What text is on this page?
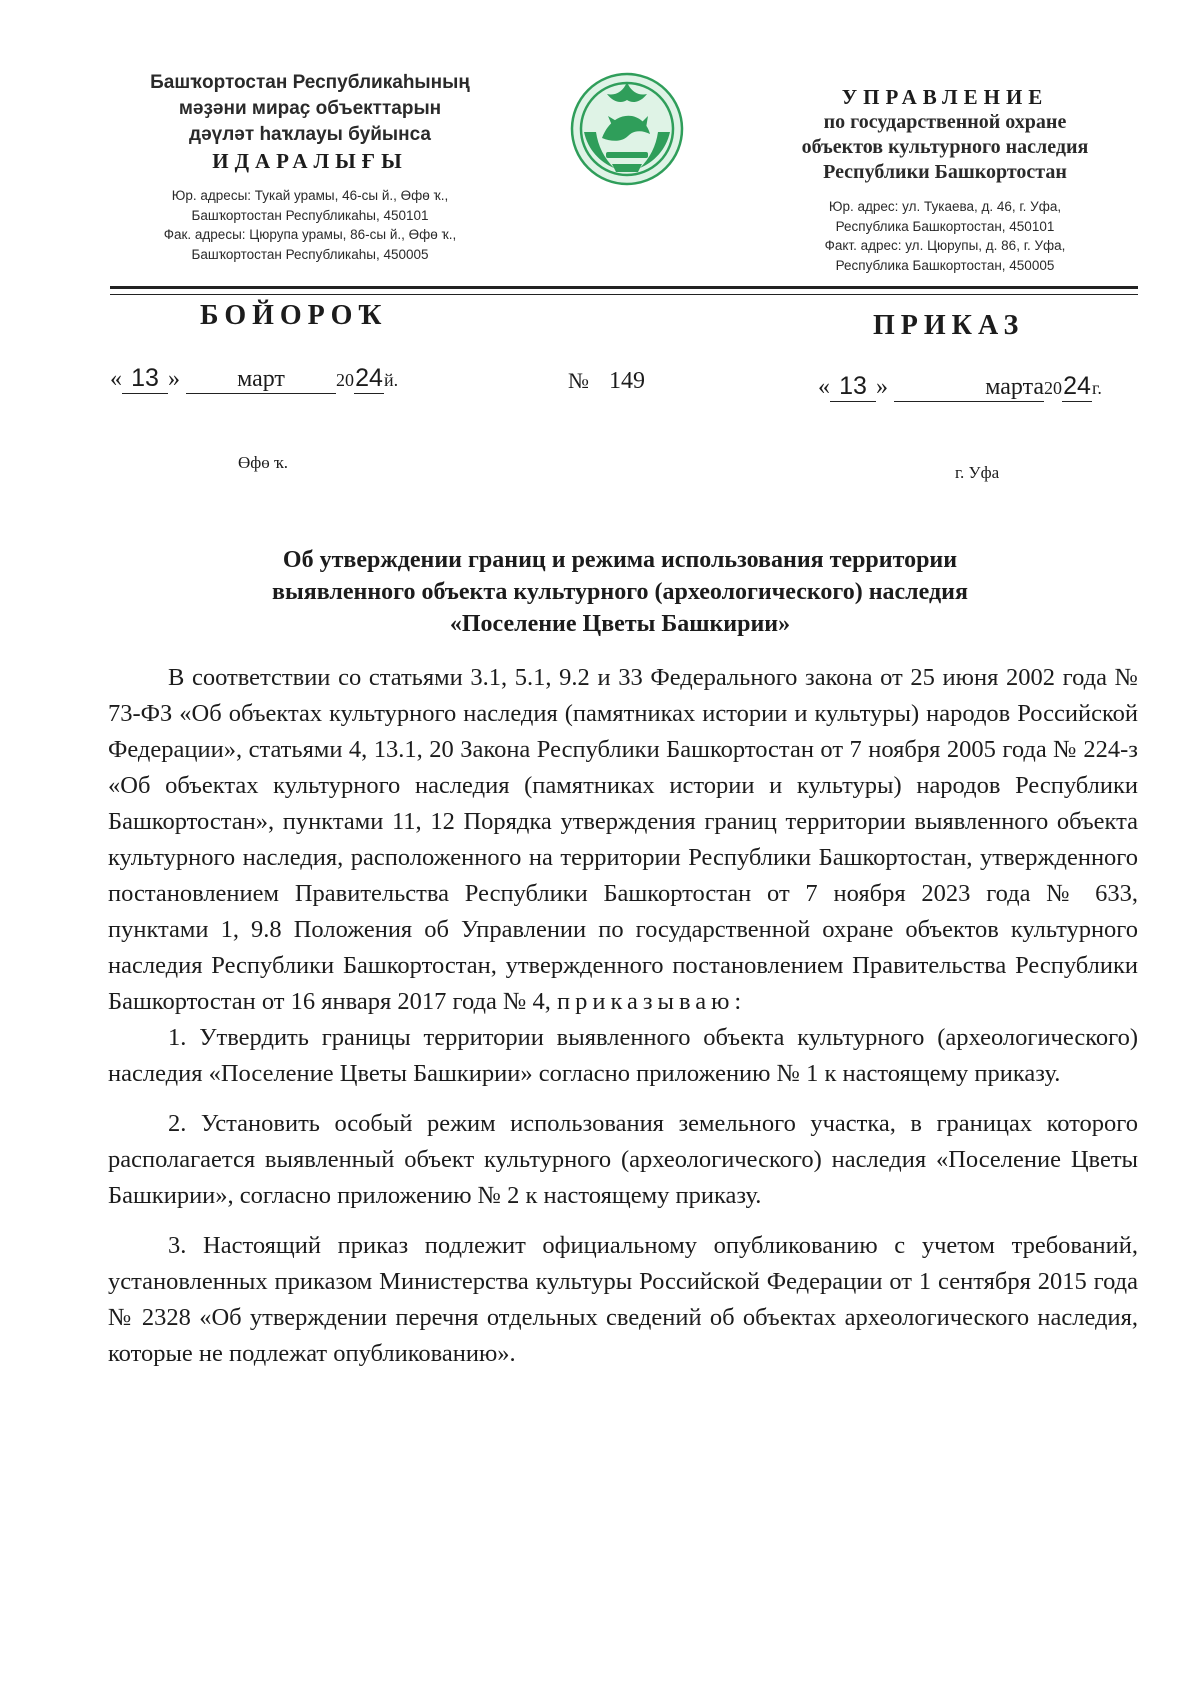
Башҡортостан Республикаһының
мәҙәни мираҫ объекттарын
дәүләт һаҡлауы буйынса
ИДАРАЛЫҒЫ
Юр. адресы: Тукай урамы, 46-сы й., Өфө ҡ.,
Башҡортостан Республикаһы, 450101
Фак. адресы: Цюрупа урамы, 86-сы й., Өфө ҡ.,
Башҡортостан Республикаһы, 450005
УПРАВЛЕНИЕ
по государственной охране
объектов культурного наследия
Республики Башкортостан
Юр. адрес: ул. Тукаева, д. 46, г. Уфа,
Республика Башкортостан, 450101
Факт. адрес: ул. Цюрупы, д. 86, г. Уфа,
Республика Башкортостан, 450005
БОЙОРОҠ	ПРИКАЗ
« 13 » март	2024й.	№ 149	« 13 »	марта2024г.
Өфө ҡ.
г. Уфа
Об утверждении границ и режима использования территории
выявленного объекта культурного (археологического) наследия
«Поселение Цветы Башкирии»

В соответствии со статьями 3.1, 5.1, 9.2 и 33 Федерального закона от 25 июня 2002 года № 73-ФЗ «Об объектах культурного наследия (памятниках истории и культуры) народов Российской Федерации», статьями 4, 13.1, 20 Закона Республики Башкортостан от 7 ноября 2005 года № 224-з «Об объектах культурного наследия (памятниках истории и культуры) народов Республики Башкортостан», пунктами 11, 12 Порядка утверждения границ территории выявленного объекта культурного наследия, расположенного на территории Республики Башкортостан, утвержденного постановлением Правительства Республики Башкортостан от 7 ноября 2023 года № 633, пунктами 1, 9.8 Положения об Управлении по государственной охране объектов культурного наследия Республики Башкортостан, утвержденного постановлением Правительства Республики Башкортостан от 16 января 2017 года № 4, приказываю:

1. Утвердить границы территории выявленного объекта культурного (археологического) наследия «Поселение Цветы Башкирии» согласно приложению № 1 к настоящему приказу.

2. Установить особый режим использования земельного участка, в границах которого располагается выявленный объект культурного (археологического) наследия «Поселение Цветы Башкирии», согласно приложению № 2 к настоящему приказу.

3. Настоящий приказ подлежит официальному опубликованию с учетом требований, установленных приказом Министерства культуры Российской Федерации от 1 сентября 2015 года № 2328 «Об утверждении перечня отдельных сведений об объектах археологического наследия, которые не подлежат опубликованию».
